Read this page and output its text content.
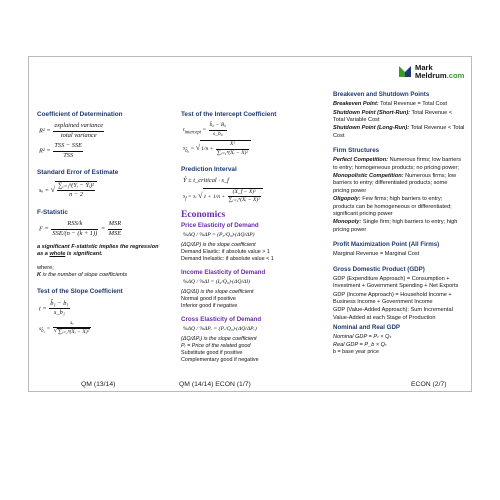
Coefficient of Determination
$R^2 = \frac{\text{explained variance}}{\text{total variance}}$
$R^2 = \frac{\text{TSS − SSE}}{\text{TSS}}$
Standard Error of Estimate
sₑ = √ $\frac{\text{∑ᵢ₌₁ⁿ(Yᵢ − Ŷᵢ)²}}{n - 2}$
F-Statistic
$F = \frac{\text{RSS/k}}{\text{SSE/(n − (k + 1))}} = \frac{\text{MSR}}{\text{MSE}}$
a significant F-statistic implies the regression as a whole is significant.
where;
K is the number of slope coefficients
Test of the Slope Coefficient
$t = \frac{\text{b̂₁ − b₁}}{\text{s\_b̂₁}}$
$s_{b̂_1} = \frac{\text{sₑ}}{\text{√∑ᵢ₌₁ⁿ(Xᵢ − X̄)²}}$
Test of the Intercept Coefficient
$t_{intercept} = \frac{\text{b̂₀ − B₀}}{\text{s\_b̂₀}}$
$s_{b̂_0} = √1/n + \frac{\text{X̄²}}{\text{∑ᵢ₌₁ⁿ(Xᵢ − X̄)²}}$
Prediction Interval
Ŷ ± t_critical · s_f
$s_f = s_e$ $√1 + 1/n + \frac{\text{(X\_f − X̄)²}}{\text{∑ᵢ₌₁ⁿ(Xᵢ − X̄)²}}$
Economics
Price Elasticity of Demand
%ΔQ / %ΔP = (P₀/Q₀)·(ΔQ/ΔP)
(ΔQ/ΔP) is the slope coefficient
Demand Elastic: if absolute value > 1
Demand Inelastic: if absolute value < 1
Income Elasticity of Demand
%ΔQ / %ΔI = (I₀/Q₀)·(ΔQ/ΔI)
(ΔQ/ΔI) is the slope coefficient
Normal good if positive
Inferior good if negative
Cross Elasticity of Demand
%ΔQ / %ΔPᵣ = (Pᵣ/Q₀)·(ΔQ/ΔPᵣ)
(ΔQ/ΔPᵣ) is the slope coefficient
Pᵣ = Price of the related good
Substitute good if positive
Complementary good if negative
Breakeven and Shutdown Points
Breakeven Point: Total Revenue = Total Cost
Shutdown Point (Short-Run): Total Revenue < Total Variable Cost
Shutdown Point (Long-Run): Total Revenue < Total Cost
Firm Structures
Perfect Competition: Numerous firms; low barriers to entry; homogeneous products; no pricing power;
Monopolistic Competition: Numerous firms; low barriers to entry; differentiated products; some pricing power
Oligopoly: Few firms; high barriers to entry; products can be homogeneous or differentiated; significant pricing power
Monopoly: Single firm; high barriers to entry; high pricing power
Profit Maximization Point (All Firms)
Marginal Revenue = Marginal Cost
Gross Domestic Product (GDP)
GDP (Expenditure Approach) = Consumption + Investment + Government Spending + Net Exports
GDP (Income Approach) = Household Income + Business Income + Government Income
GDP (Value-Added Approach): Sum Incremental Value-Added at each Stage of Production
Nominal and Real GDP
Nominal GDP = Pₜ × Qₜ
Real GDP = P_b × Qₜ
b = base year price
QM (13/14)	QM (14/14) ECON (1/7)	ECON (2/7)
Mark
Meldrum.com
